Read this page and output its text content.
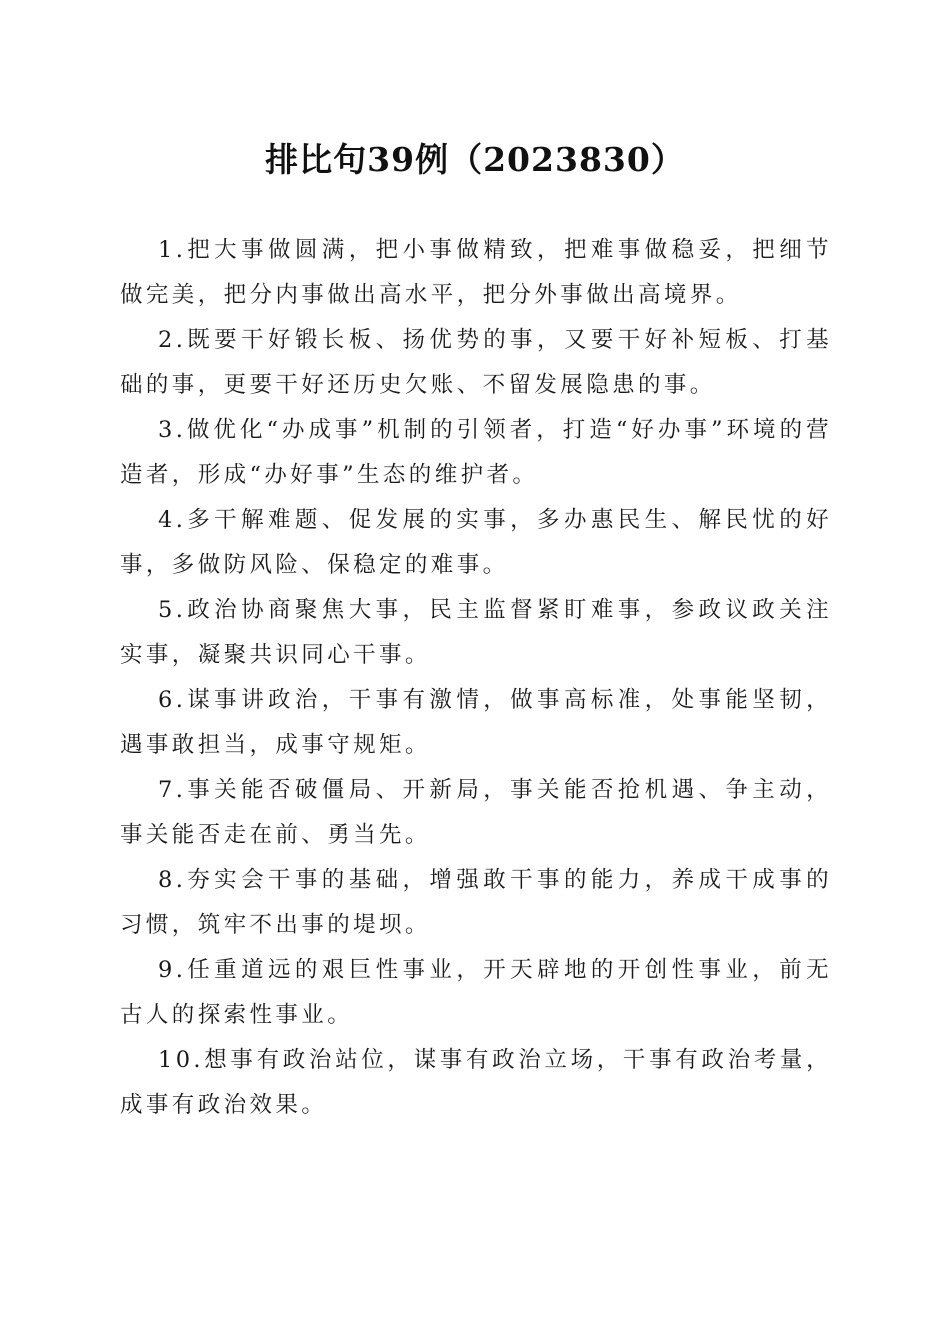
排比句39例（2023830）

1.把大事做圆满，把小事做精致，把难事做稳妥，把细节做完美，把分内事做出高水平，把分外事做出高境界。

2.既要干好锻长板、扬优势的事，又要干好补短板、打基础的事，更要干好还历史欠账、不留发展隐患的事。

3.做优化“办成事”机制的引领者，打造“好办事”环境的营造者，形成“办好事”生态的维护者。

4.多干解难题、促发展的实事，多办惠民生、解民忧的好事，多做防风险、保稳定的难事。

5.政治协商聚焦大事，民主监督紧盯难事，参政议政关注实事，凝聚共识同心干事。

6.谋事讲政治，干事有激情，做事高标准，处事能坚韧，遇事敢担当，成事守规矩。

7.事关能否破僵局、开新局，事关能否抢机遇、争主动，事关能否走在前、勇当先。

8.夯实会干事的基础，增强敢干事的能力，养成干成事的习惯，筑牢不出事的堤坝。

9.任重道远的艰巨性事业，开天辟地的开创性事业，前无古人的探索性事业。

10.想事有政治站位，谋事有政治立场，干事有政治考量，成事有政治效果。
